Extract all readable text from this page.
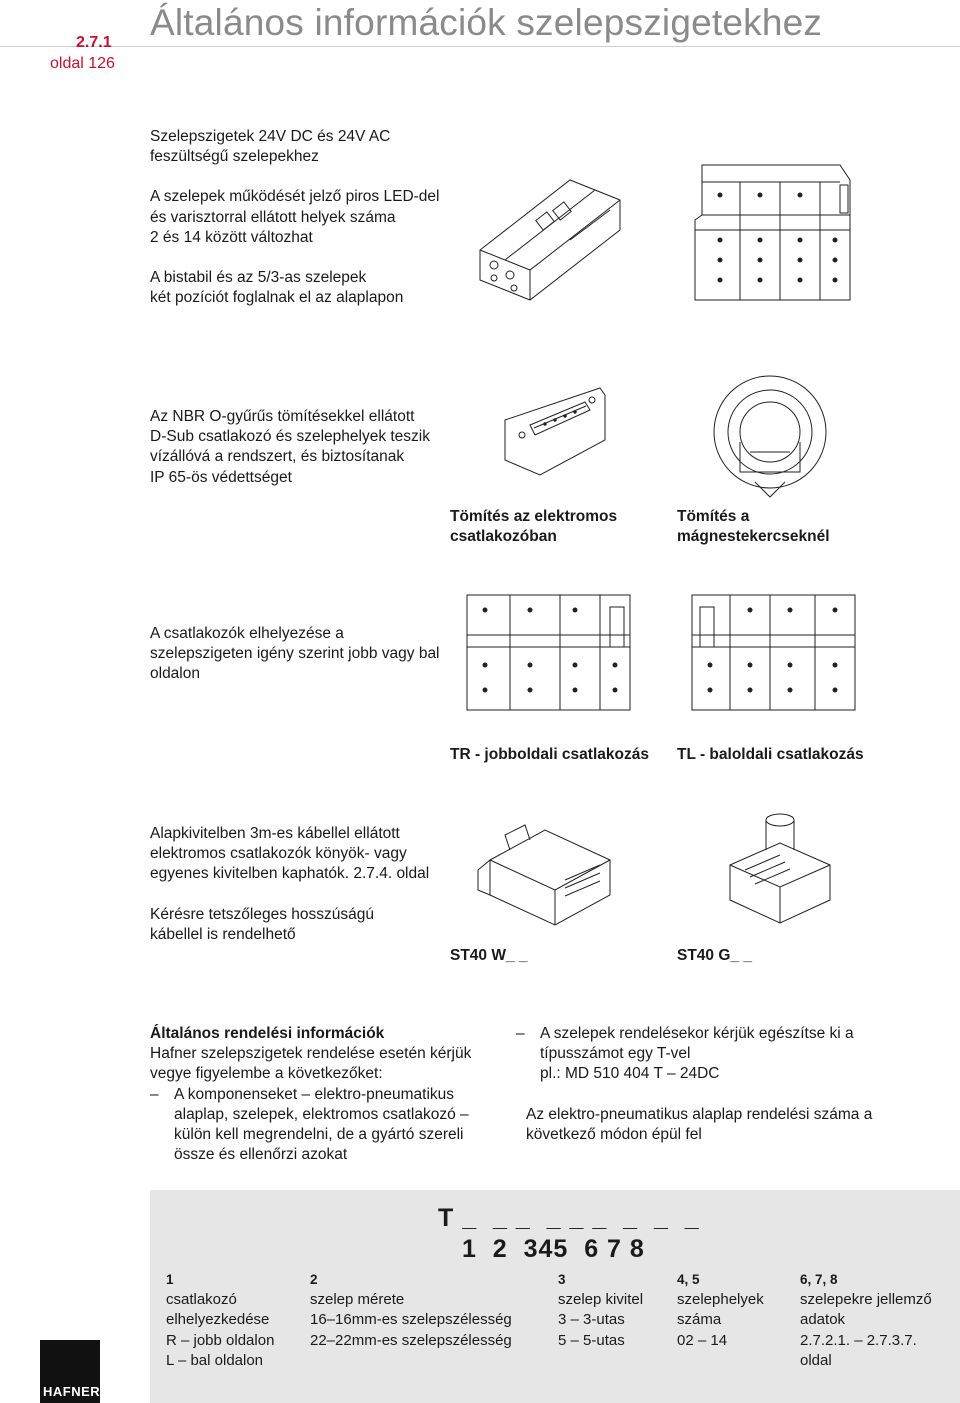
2.7.1
oldal 126
Általános információk szelepszigetekhez
Szelepszigetek 24V DC és 24V AC
feszültségű szelepekhez
A szelepek működését jelző piros LED-del
és varisztorral ellátott helyek száma
2 és 14 között változhat
A bistabil és az 5/3-as szelepek
két pozíciót foglalnak el az alaplapon
Az NBR O-gyűrűs tömítésekkel ellátott
D-Sub csatlakozó és szelephelyek teszik
vízállóvá a rendszert, és biztosítanak
IP 65-ös védettséget
Tömítés az elektromos
csatlakozóban
Tömítés a
mágnestekercseknél
A csatlakozók elhelyezése a
szelepszigeten igény szerint jobb vagy bal
oldalon
TR - jobboldali csatlakozás TL - baloldali csatlakozás
Alapkivitelben 3m-es kábellel ellátott
elektromos csatlakozók könyök- vagy
egyenes kivitelben kaphatók. 2.7.4. oldal
Kérésre tetszőleges hosszúságú
kábellel is rendelhető
ST40 W_ _	ST40 G_ _
Általános rendelési információk
Hafner szelepszigetek rendelése esetén kérjük
vegye figyelembe a következőket:
– A komponenseket – elektro-pneumatikus
alaplap, szelepek, elektromos csatlakozó –
külön kell megrendelni, de a gyártó szereli
össze és ellenőrzi azokat
– A szelepek rendelésekor kérjük egészítse ki a
típusszámot egy T-vel
pl.: MD 510 404 T – 24DC
Az elektro-pneumatikus alaplap rendelési száma a
következő módon épül fel
T _  _ _  _ _ _  _  _  _
1  2  345  6 7 8
1
csatlakozó
elhelyezkedése
R – jobb oldalon
L – bal oldalon
2
szelep mérete
16–16mm-es szelepszélesség
22–22mm-es szelepszélesség
3
szelep kivitel
3 – 3-utas
5 – 5-utas
4, 5
szelephelyek
száma
02 – 14
6, 7, 8
szelepekre jellemző
adatok
2.7.2.1. – 2.7.3.7.
oldal
HAFNER
